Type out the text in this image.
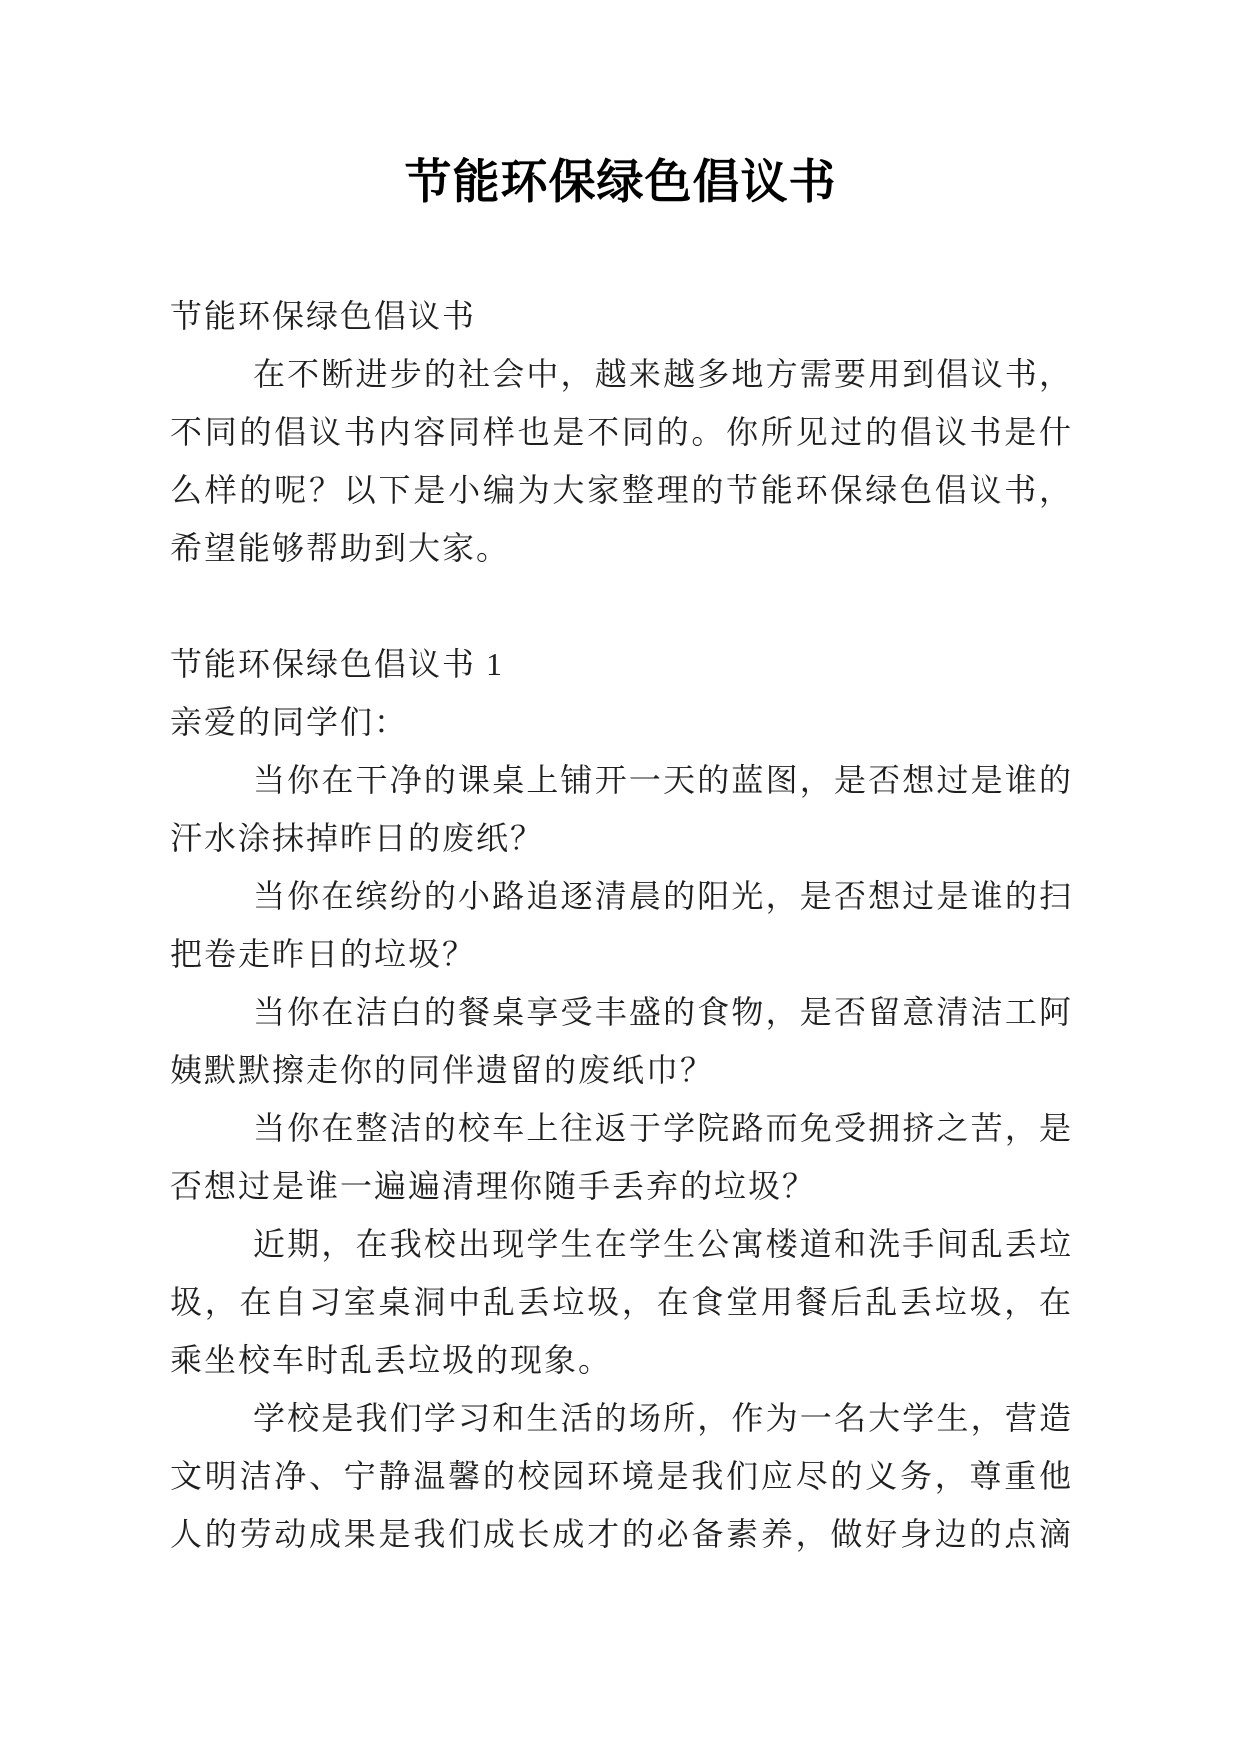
节能环保绿色倡议书
节能环保绿色倡议书
在不断进步的社会中，越来越多地方需要用到倡议书，
不同的倡议书内容同样也是不同的。你所见过的倡议书是什
么样的呢？以下是小编为大家整理的节能环保绿色倡议书，
希望能够帮助到大家。
节能环保绿色倡议书 1
亲爱的同学们：
当你在干净的课桌上铺开一天的蓝图，是否想过是谁的
汗水涂抹掉昨日的废纸？
当你在缤纷的小路追逐清晨的阳光，是否想过是谁的扫
把卷走昨日的垃圾？
当你在洁白的餐桌享受丰盛的食物，是否留意清洁工阿
姨默默擦走你的同伴遗留的废纸巾？
当你在整洁的校车上往返于学院路而免受拥挤之苦，是
否想过是谁一遍遍清理你随手丢弃的垃圾？
近期，在我校出现学生在学生公寓楼道和洗手间乱丢垃
圾，在自习室桌洞中乱丢垃圾，在食堂用餐后乱丢垃圾，在
乘坐校车时乱丢垃圾的现象。
学校是我们学习和生活的场所，作为一名大学生，营造
文明洁净、宁静温馨的校园环境是我们应尽的义务，尊重他
人的劳动成果是我们成长成才的必备素养，做好身边的点滴
